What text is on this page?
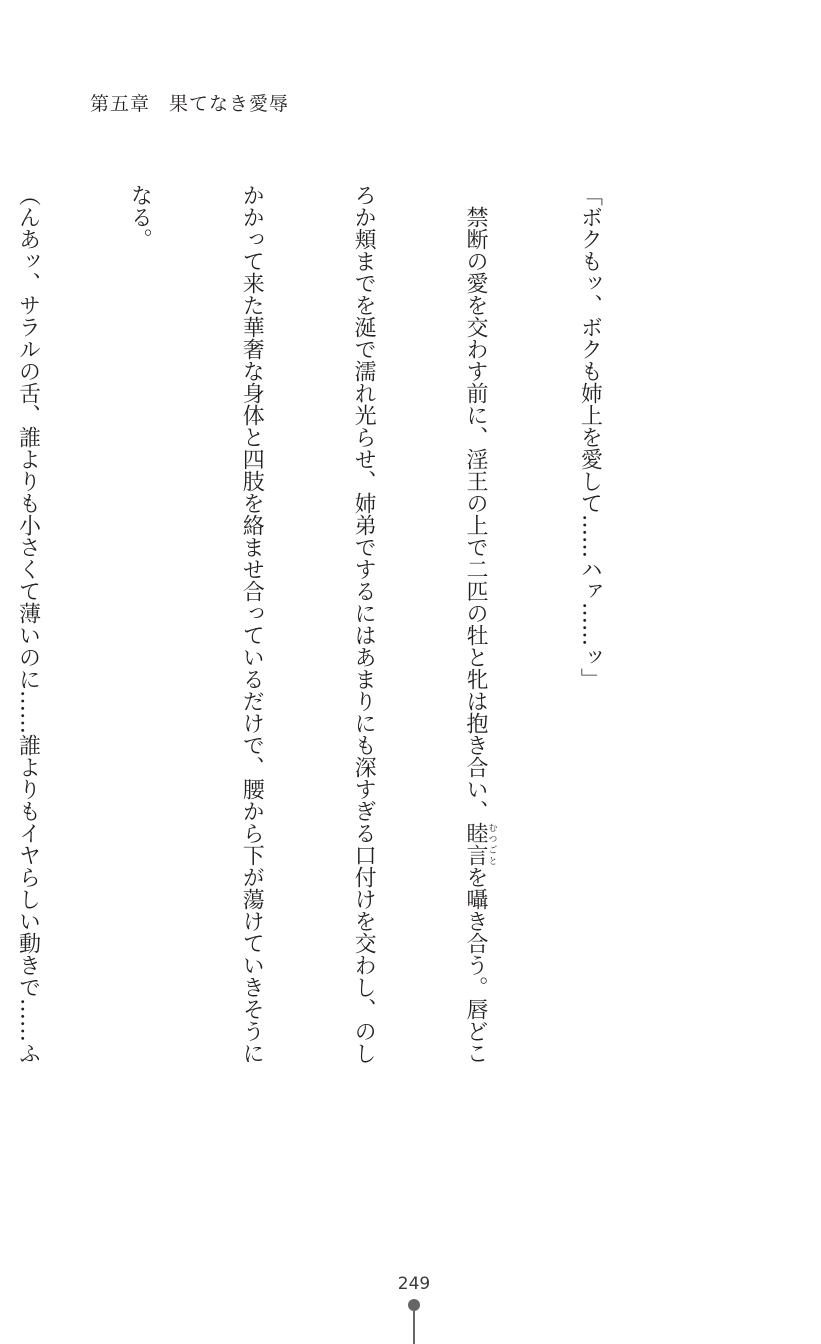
第五章 果てなき愛辱

「ボクもッ、ボクも姉上を愛して……ハァ……ッ」

　禁断の愛を交わす前に、淫王の上で二匹の牡と牝は抱き合い、睦言むつごとを囁き合う。唇どこ

ろか頬までを涎で濡れ光らせ、姉弟でするにはあまりにも深すぎる口付けを交わし、のし

かかって来た華奢な身体と四肢を絡ませ合っているだけで、腰から下が蕩けていきそうに

なる。

（んあッ、サラルの舌、誰よりも小さくて薄いのに……誰よりもイヤらしい動きで……ふ

249
